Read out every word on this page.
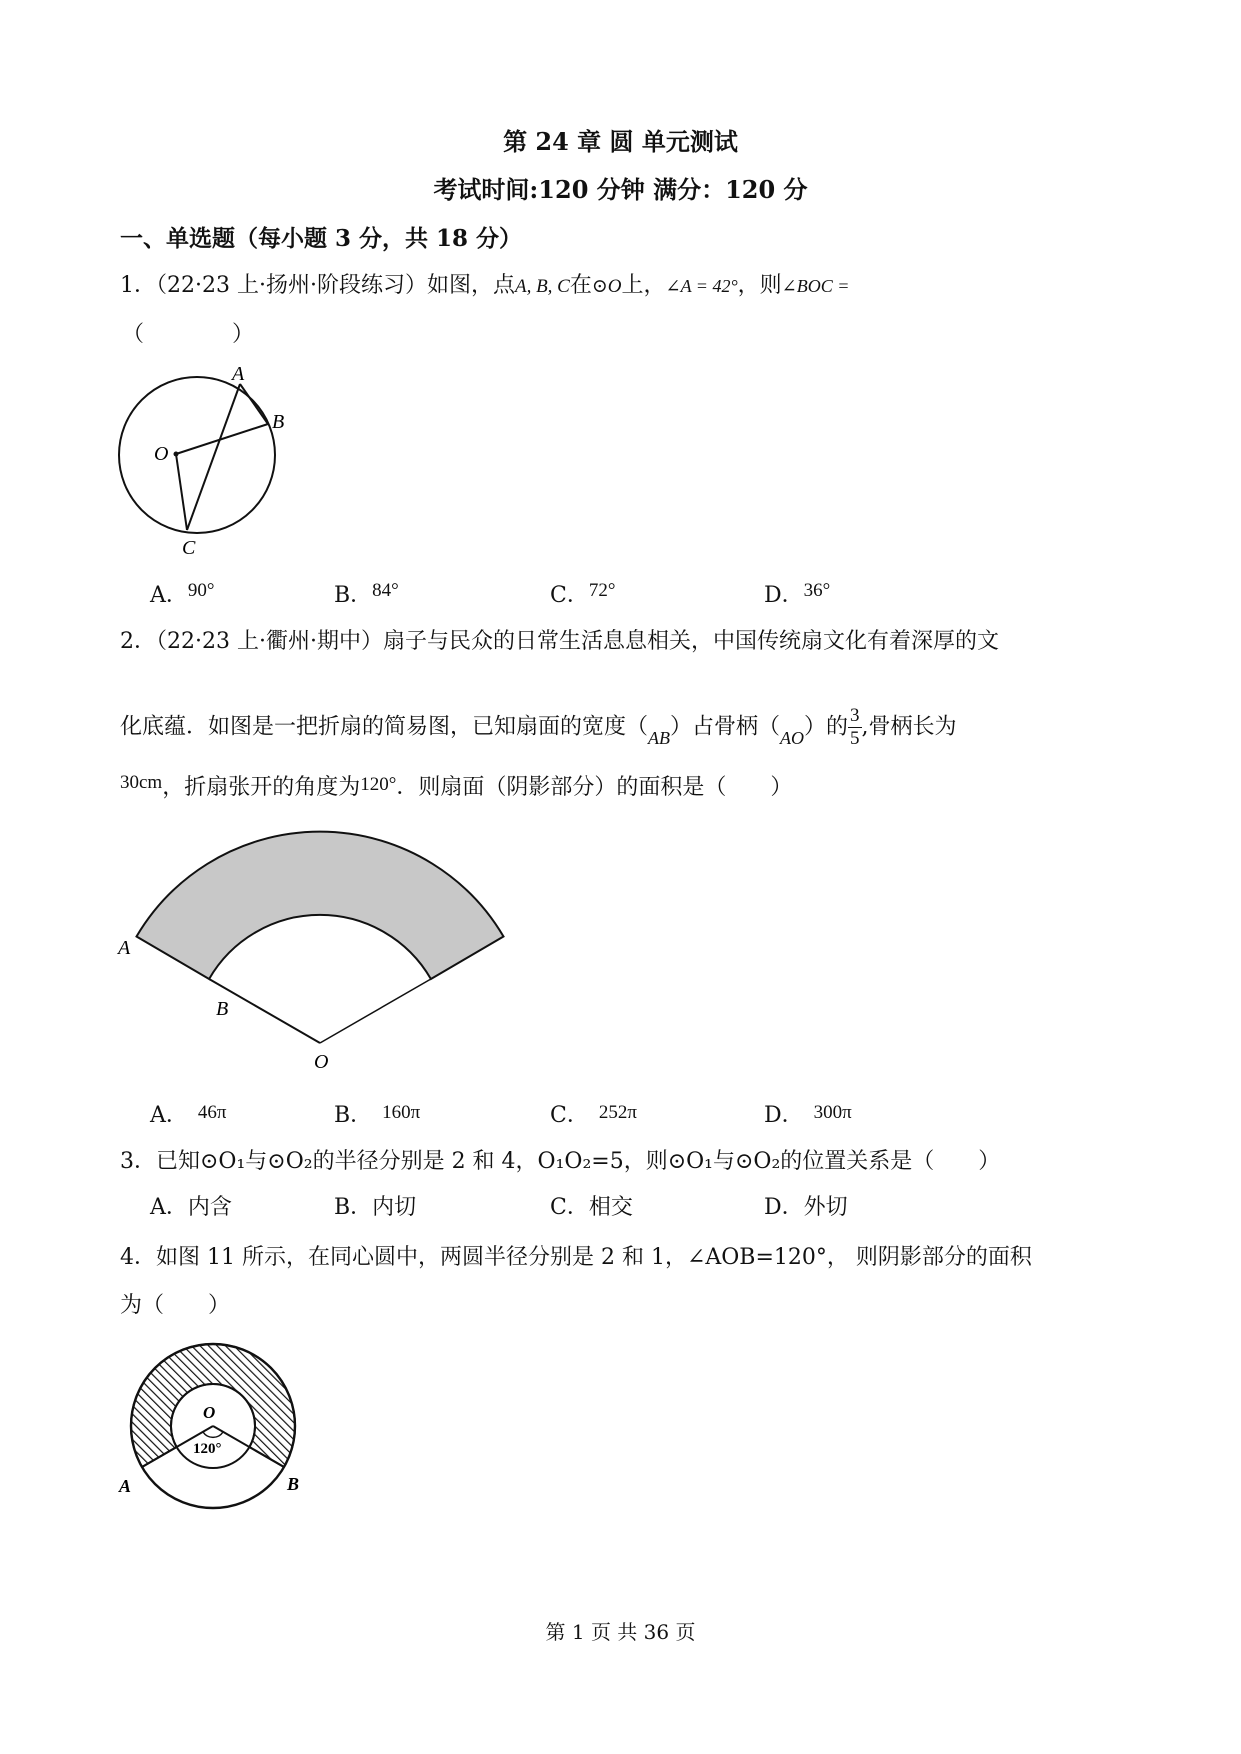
第 24 章 圆 单元测试
考试时间:120 分钟 满分：120 分
一、单选题（每小题 3 分，共 18 分）
1．（22·23 上·扬州·阶段练习）如图，点A, B, C在⊙O上，∠A = 42°，则∠BOC =
（　　　　）
A
B
O
C
A．90°	B．84°	C．72°	D．36°
2．（22·23 上·衢州·期中）扇子与民众的日常生活息息相关，中国传统扇文化有着深厚的文
化底蕴．如图是一把折扇的简易图，已知扇面的宽度$(_{AB})$占骨柄$(_{AO})$的 $\frac{3}{5}$ ,骨柄长为
30cm，折扇张开的角度为120°．则扇面（阴影部分）的面积是（　　）
A
B
O
A． 46π	B． 160π	C． 252π	D． 300π
3．已知⊙O₁与⊙O₂的半径分别是 2 和 4，O₁O₂=5，则⊙O₁与⊙O₂的位置关系是（　　）
A．内含	B．内切	C．相交	D．外切
4．如图 11 所示，在同心圆中，两圆半径分别是 2 和 1，∠AOB=120°， 则阴影部分的面积
为（　　）
O
120°
A	B
第 1 页 共 36 页
